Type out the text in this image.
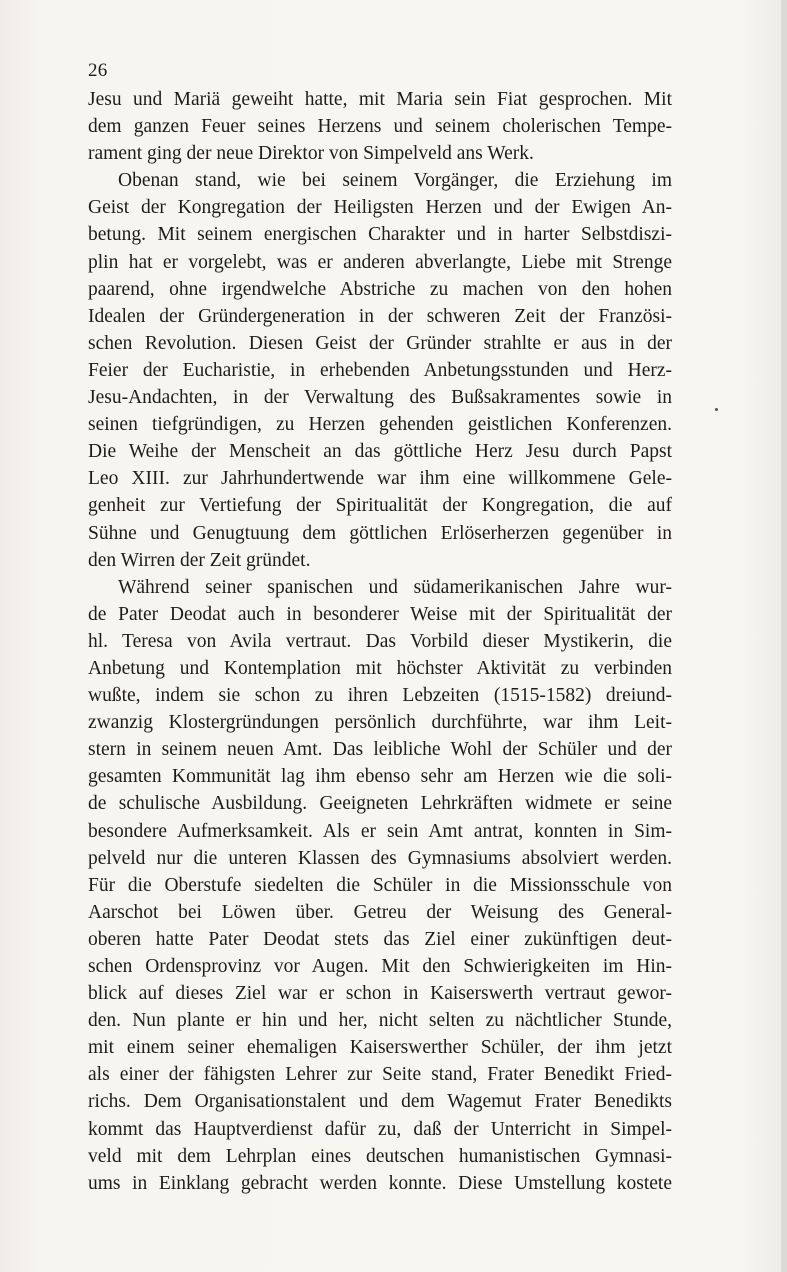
26
Jesu und Mariä geweiht hatte, mit Maria sein Fiat gesprochen. Mit
dem ganzen Feuer seines Herzens und seinem cholerischen Tempe-
rament ging der neue Direktor von Simpelveld ans Werk.
Obenan stand, wie bei seinem Vorgänger, die Erziehung im
Geist der Kongregation der Heiligsten Herzen und der Ewigen An-
betung. Mit seinem energischen Charakter und in harter Selbstdiszi-
plin hat er vorgelebt, was er anderen abverlangte, Liebe mit Strenge
paarend, ohne irgendwelche Abstriche zu machen von den hohen
Idealen der Gründergeneration in der schweren Zeit der Französi-
schen Revolution. Diesen Geist der Gründer strahlte er aus in der
Feier der Eucharistie, in erhebenden Anbetungsstunden und Herz-
Jesu-Andachten, in der Verwaltung des Bußsakramentes sowie in
seinen tiefgründigen, zu Herzen gehenden geistlichen Konferenzen.
Die Weihe der Menscheit an das göttliche Herz Jesu durch Papst
Leo XIII. zur Jahrhundertwende war ihm eine willkommene Gele-
genheit zur Vertiefung der Spiritualität der Kongregation, die auf
Sühne und Genugtuung dem göttlichen Erlöserherzen gegenüber in
den Wirren der Zeit gründet.
Während seiner spanischen und südamerikanischen Jahre wur-
de Pater Deodat auch in besonderer Weise mit der Spiritualität der
hl. Teresa von Avila vertraut. Das Vorbild dieser Mystikerin, die
Anbetung und Kontemplation mit höchster Aktivität zu verbinden
wußte, indem sie schon zu ihren Lebzeiten (1515-1582) dreiund-
zwanzig Klostergründungen persönlich durchführte, war ihm Leit-
stern in seinem neuen Amt. Das leibliche Wohl der Schüler und der
gesamten Kommunität lag ihm ebenso sehr am Herzen wie die soli-
de schulische Ausbildung. Geeigneten Lehrkräften widmete er seine
besondere Aufmerksamkeit. Als er sein Amt antrat, konnten in Sim-
pelveld nur die unteren Klassen des Gymnasiums absolviert werden.
Für die Oberstufe siedelten die Schüler in die Missionsschule von
Aarschot bei Löwen über. Getreu der Weisung des General-
oberen hatte Pater Deodat stets das Ziel einer zukünftigen deut-
schen Ordensprovinz vor Augen. Mit den Schwierigkeiten im Hin-
blick auf dieses Ziel war er schon in Kaiserswerth vertraut gewor-
den. Nun plante er hin und her, nicht selten zu nächtlicher Stunde,
mit einem seiner ehemaligen Kaiserswerther Schüler, der ihm jetzt
als einer der fähigsten Lehrer zur Seite stand, Frater Benedikt Fried-
richs. Dem Organisationstalent und dem Wagemut Frater Benedikts
kommt das Hauptverdienst dafür zu, daß der Unterricht in Simpel-
veld mit dem Lehrplan eines deutschen humanistischen Gymnasi-
ums in Einklang gebracht werden konnte. Diese Umstellung kostete
